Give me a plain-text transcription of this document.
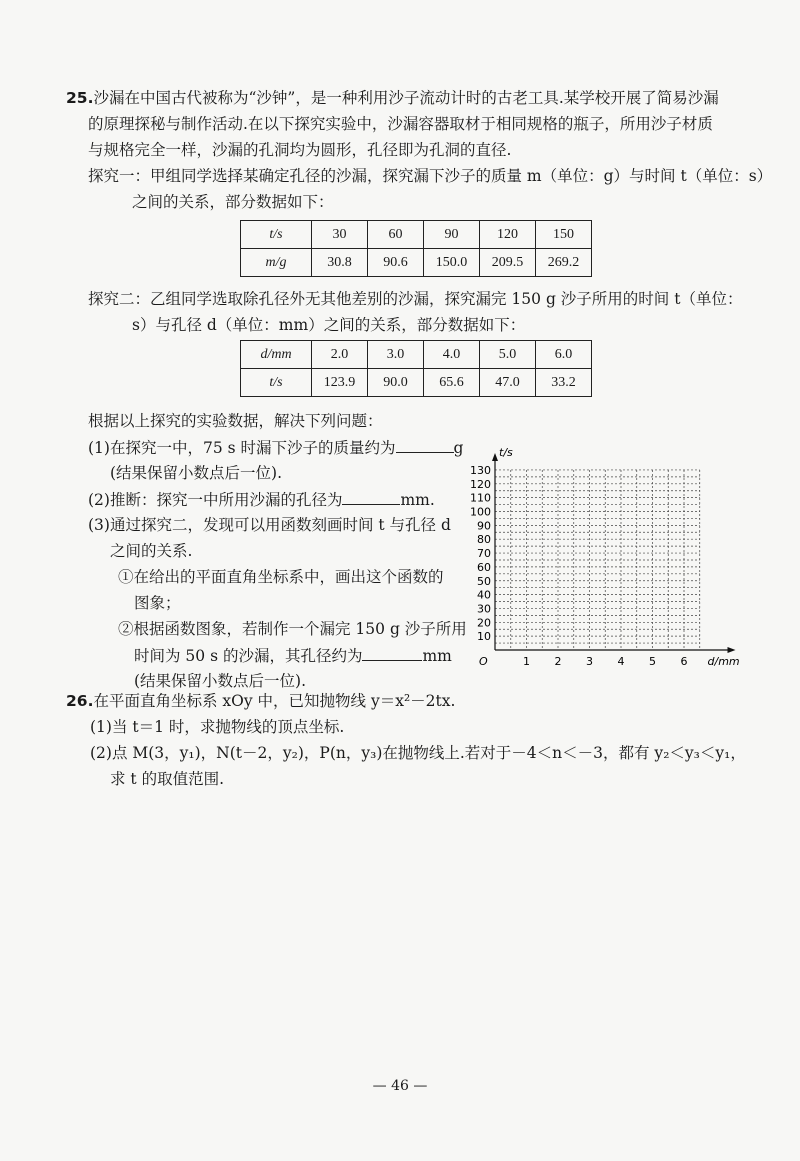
25.沙漏在中国古代被称为“沙钟”，是一种利用沙子流动计时的古老工具.某学校开展了简易沙漏
的原理探秘与制作活动.在以下探究实验中，沙漏容器取材于相同规格的瓶子，所用沙子材质
与规格完全一样，沙漏的孔洞均为圆形，孔径即为孔洞的直径.
探究一：甲组同学选择某确定孔径的沙漏，探究漏下沙子的质量 m（单位：g）与时间 t（单位：s）
之间的关系，部分数据如下：
t/s	30	60	90	120	150
m/g	30.8	90.6	150.0	209.5	269.2
探究二：乙组同学选取除孔径外无其他差别的沙漏，探究漏完 150 g 沙子所用的时间 t（单位：
s）与孔径 d（单位：mm）之间的关系，部分数据如下：
d/mm	2.0	3.0	4.0	5.0	6.0
t/s	123.9	90.0	65.6	47.0	33.2
根据以上探究的实验数据，解决下列问题：
(1)在探究一中，75 s 时漏下沙子的质量约为	g
(结果保留小数点后一位).
(2)推断：探究一中所用沙漏的孔径为	mm.
(3)通过探究二，发现可以用函数刻画时间 t 与孔径 d
之间的关系.
①在给出的平面直角坐标系中，画出这个函数的
图象；
②根据函数图象，若制作一个漏完 150 g 沙子所用
时间为 50 s 的沙漏，其孔径约为	mm
(结果保留小数点后一位).
1 2 3 4 5 6
10
20
30
40
50
60
70
80
90
100
110
120
130
d/mm
t/s
O
26.在平面直角坐标系 xOy 中，已知抛物线 y＝x²－2tx.
(1)当 t＝1 时，求抛物线的顶点坐标.
(2)点 M(3，y₁)，N(t－2，y₂)，P(n，y₃)在抛物线上.若对于－4＜n＜－3，都有 y₂＜y₃＜y₁，
求 t 的取值范围.
— 46 —
